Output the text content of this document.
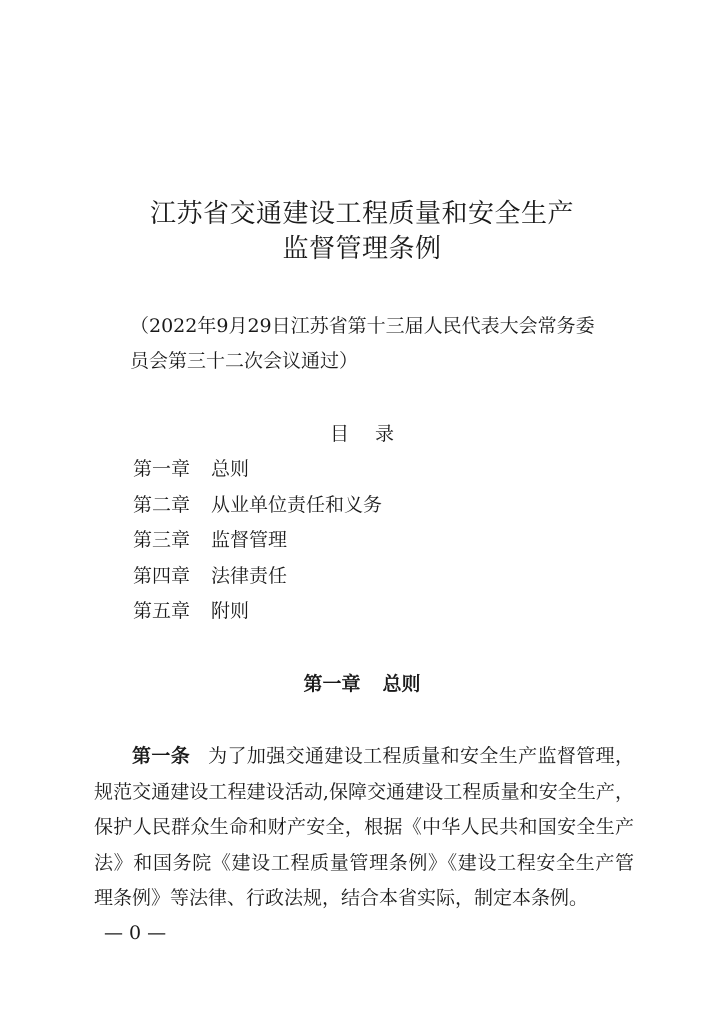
江苏省交通建设工程质量和安全生产
监督管理条例
（2022年9月29日江苏省第十三届人民代表大会常务委
员会第三十二次会议通过）
目 录
第一章 总则
第二章 从业单位责任和义务
第三章 监督管理
第四章 法律责任
第五章 附则
第一章 总则
第一条 为了加强交通建设工程质量和安全生产监督管理，
规范交通建设工程建设活动,保障交通建设工程质量和安全生产，
保护人民群众生命和财产安全，根据《中华人民共和国安全生产
法》和国务院《建设工程质量管理条例》《建设工程安全生产管
理条例》等法律、行政法规，结合本省实际，制定本条例。
— 0 —
